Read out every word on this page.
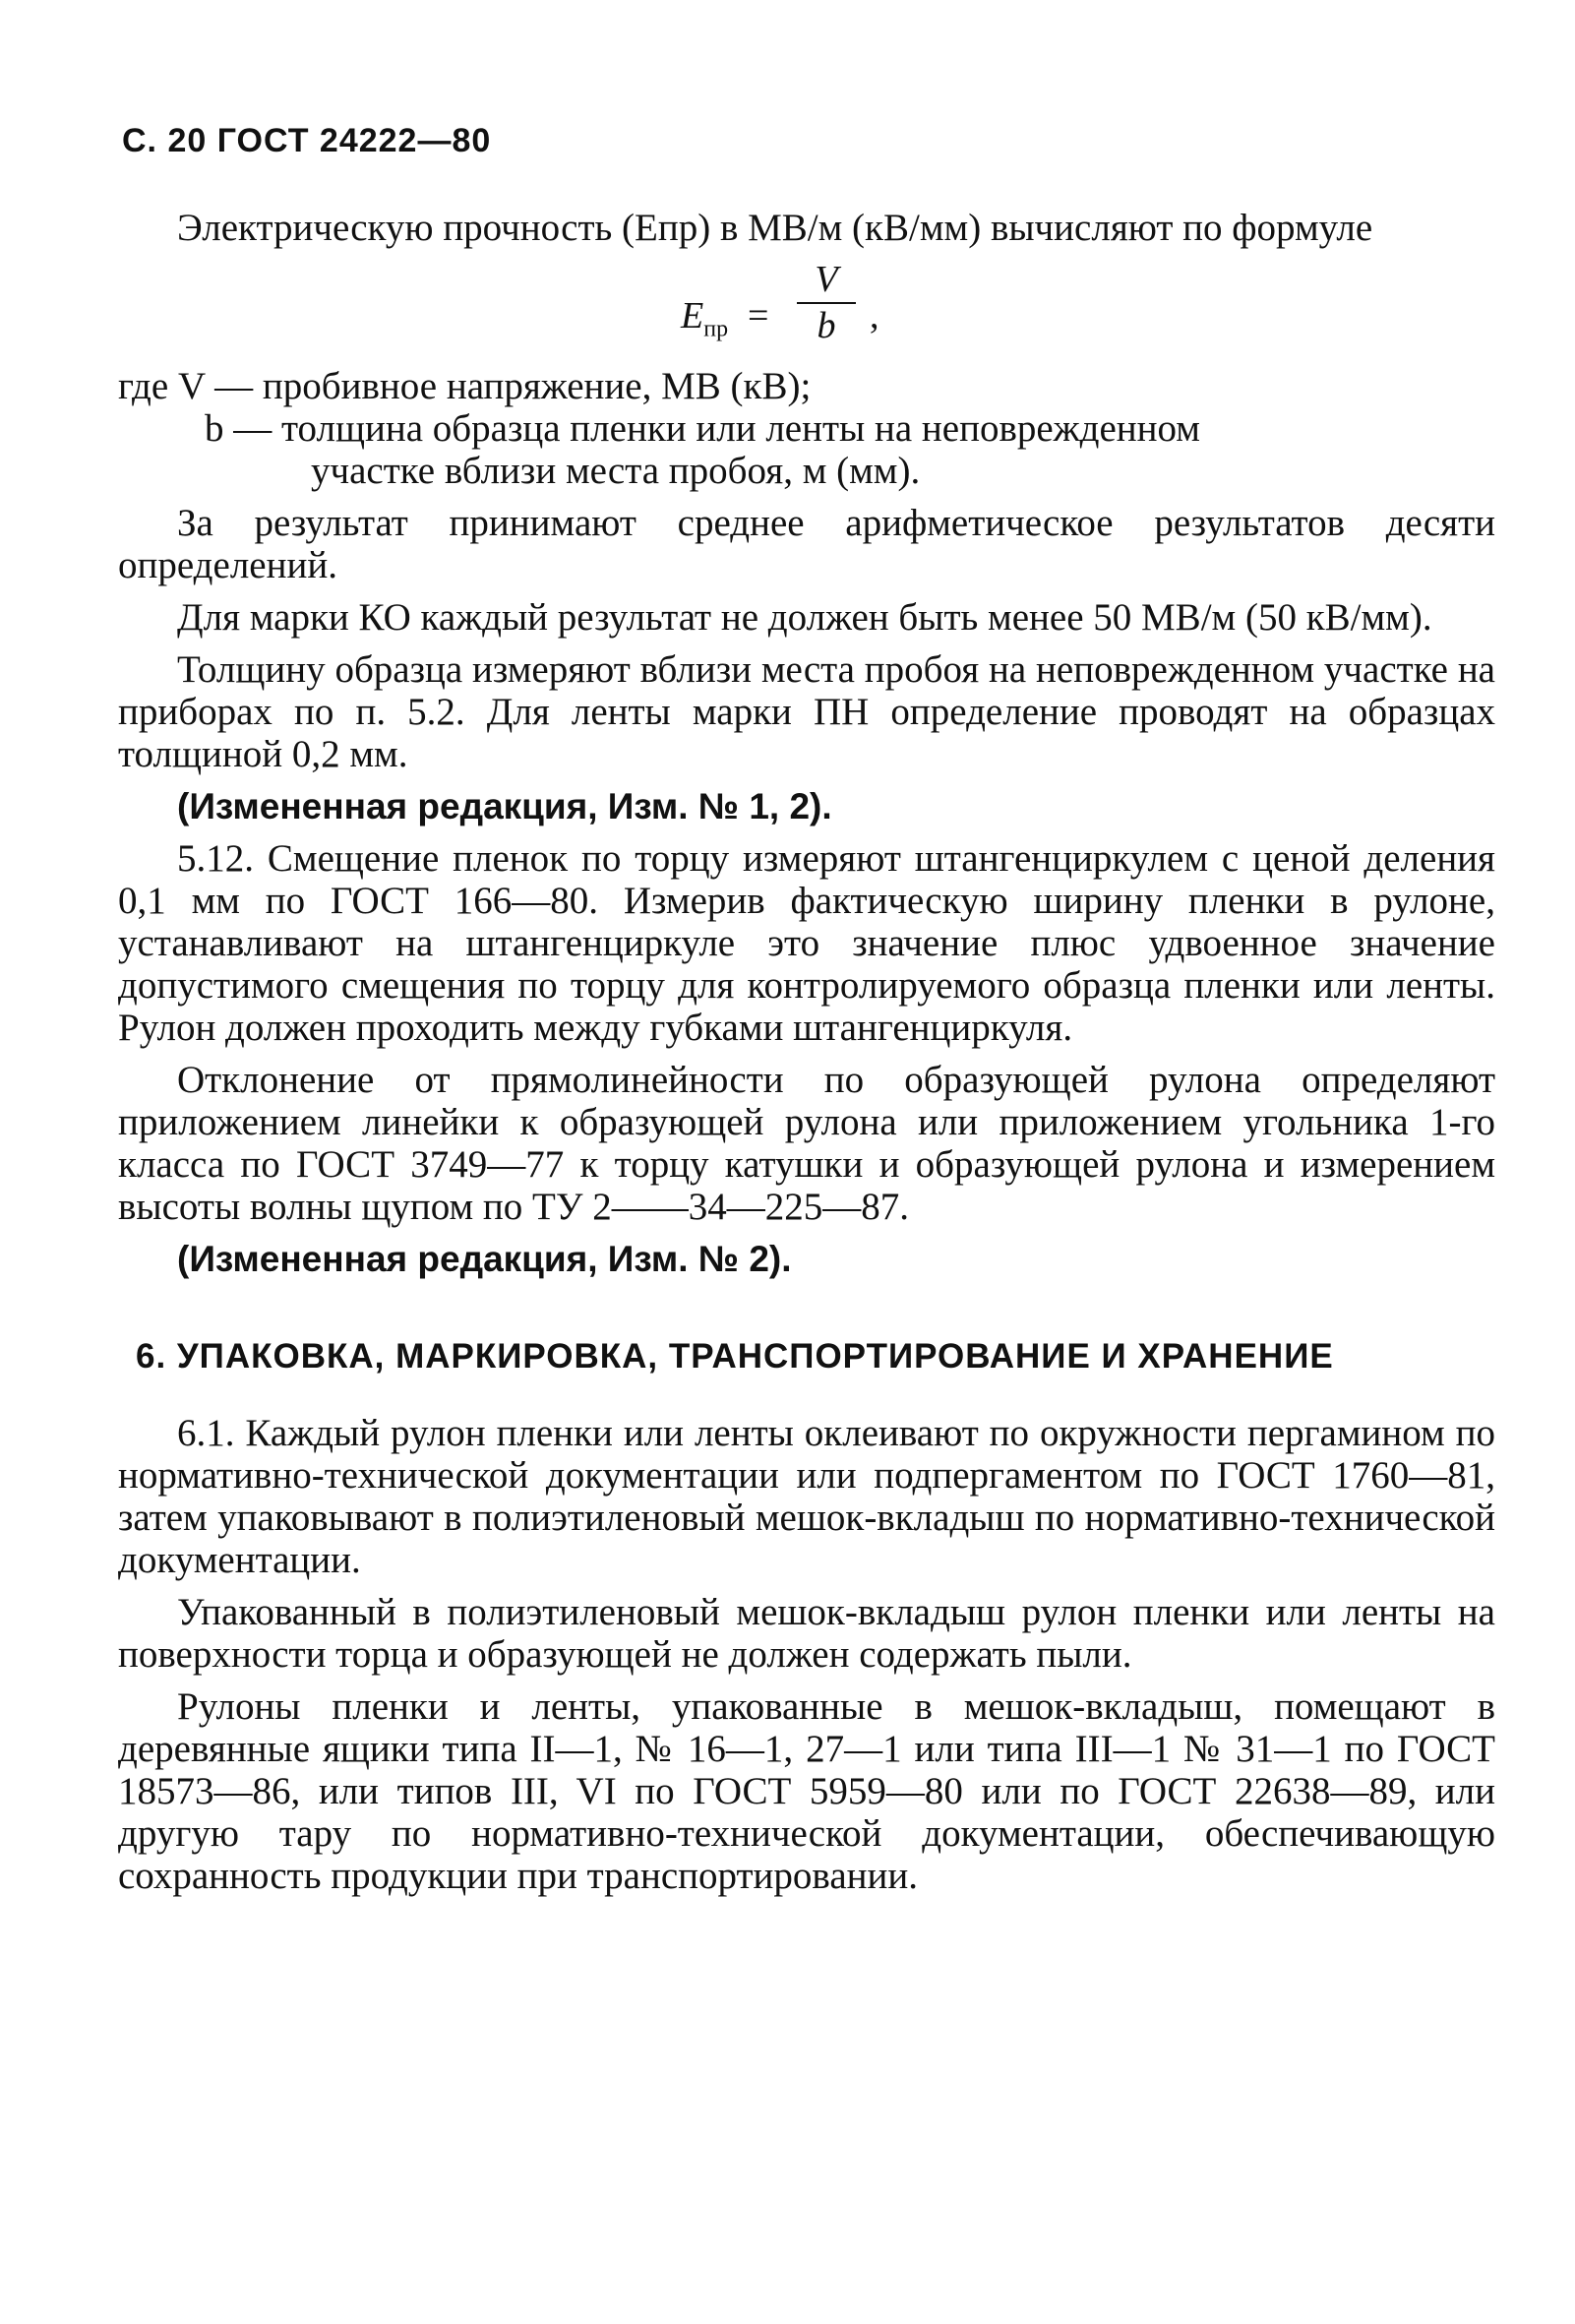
С. 20 ГОСТ 24222—80

Электрическую прочность (Eпр) в МВ/м (кВ/мм) вычисляют по формуле

$E_{пр}$ =
V
b ,
где V — пробивное напряжение, МВ (кВ);
b — толщина образца пленки или ленты на неповрежденном
участке вблизи места пробоя, м (мм).

За результат принимают среднее арифметическое результатов десяти определений.

Для марки КО каждый результат не должен быть менее 50 МВ/м (50 кВ/мм).

Толщину образца измеряют вблизи места пробоя на неповрежденном участке на приборах по п. 5.2. Для ленты марки ПН определение проводят на образцах толщиной 0,2 мм.

(Измененная редакция, Изм. № 1, 2).

5.12. Смещение пленок по торцу измеряют штангенциркулем с ценой деления 0,1 мм по ГОСТ 166—80. Измерив фактическую ширину пленки в рулоне, устанавливают на штангенциркуле это значение плюс удвоенное значение допустимого смещения по торцу для контролируемого образца пленки или ленты. Рулон должен проходить между губками штангенциркуля.

Отклонение от прямолинейности по образующей рулона определяют приложением линейки к образующей рулона или приложением угольника 1-го класса по ГОСТ 3749—77 к торцу катушки и образующей рулона и измерением высоты волны щупом по ТУ 2——34—225—87.

(Измененная редакция, Изм. № 2).

6. УПАКОВКА, МАРКИРОВКА, ТРАНСПОРТИРОВАНИЕ И ХРАНЕНИЕ

6.1. Каждый рулон пленки или ленты оклеивают по окружности пергамином по нормативно-технической документации или подпергаментом по ГОСТ 1760—81, затем упаковывают в полиэтиленовый мешок-вкладыш по нормативно-технической документации.

Упакованный в полиэтиленовый мешок-вкладыш рулон пленки или ленты на поверхности торца и образующей не должен содержать пыли.

Рулоны пленки и ленты, упакованные в мешок-вкладыш, помещают в деревянные ящики типа II—1, № 16—1, 27—1 или типа III—1 № 31—1 по ГОСТ 18573—86, или типов III, VI по ГОСТ 5959—80 или по ГОСТ 22638—89, или другую тару по нормативно-технической документации, обеспечивающую сохранность продукции при транспортировании.
